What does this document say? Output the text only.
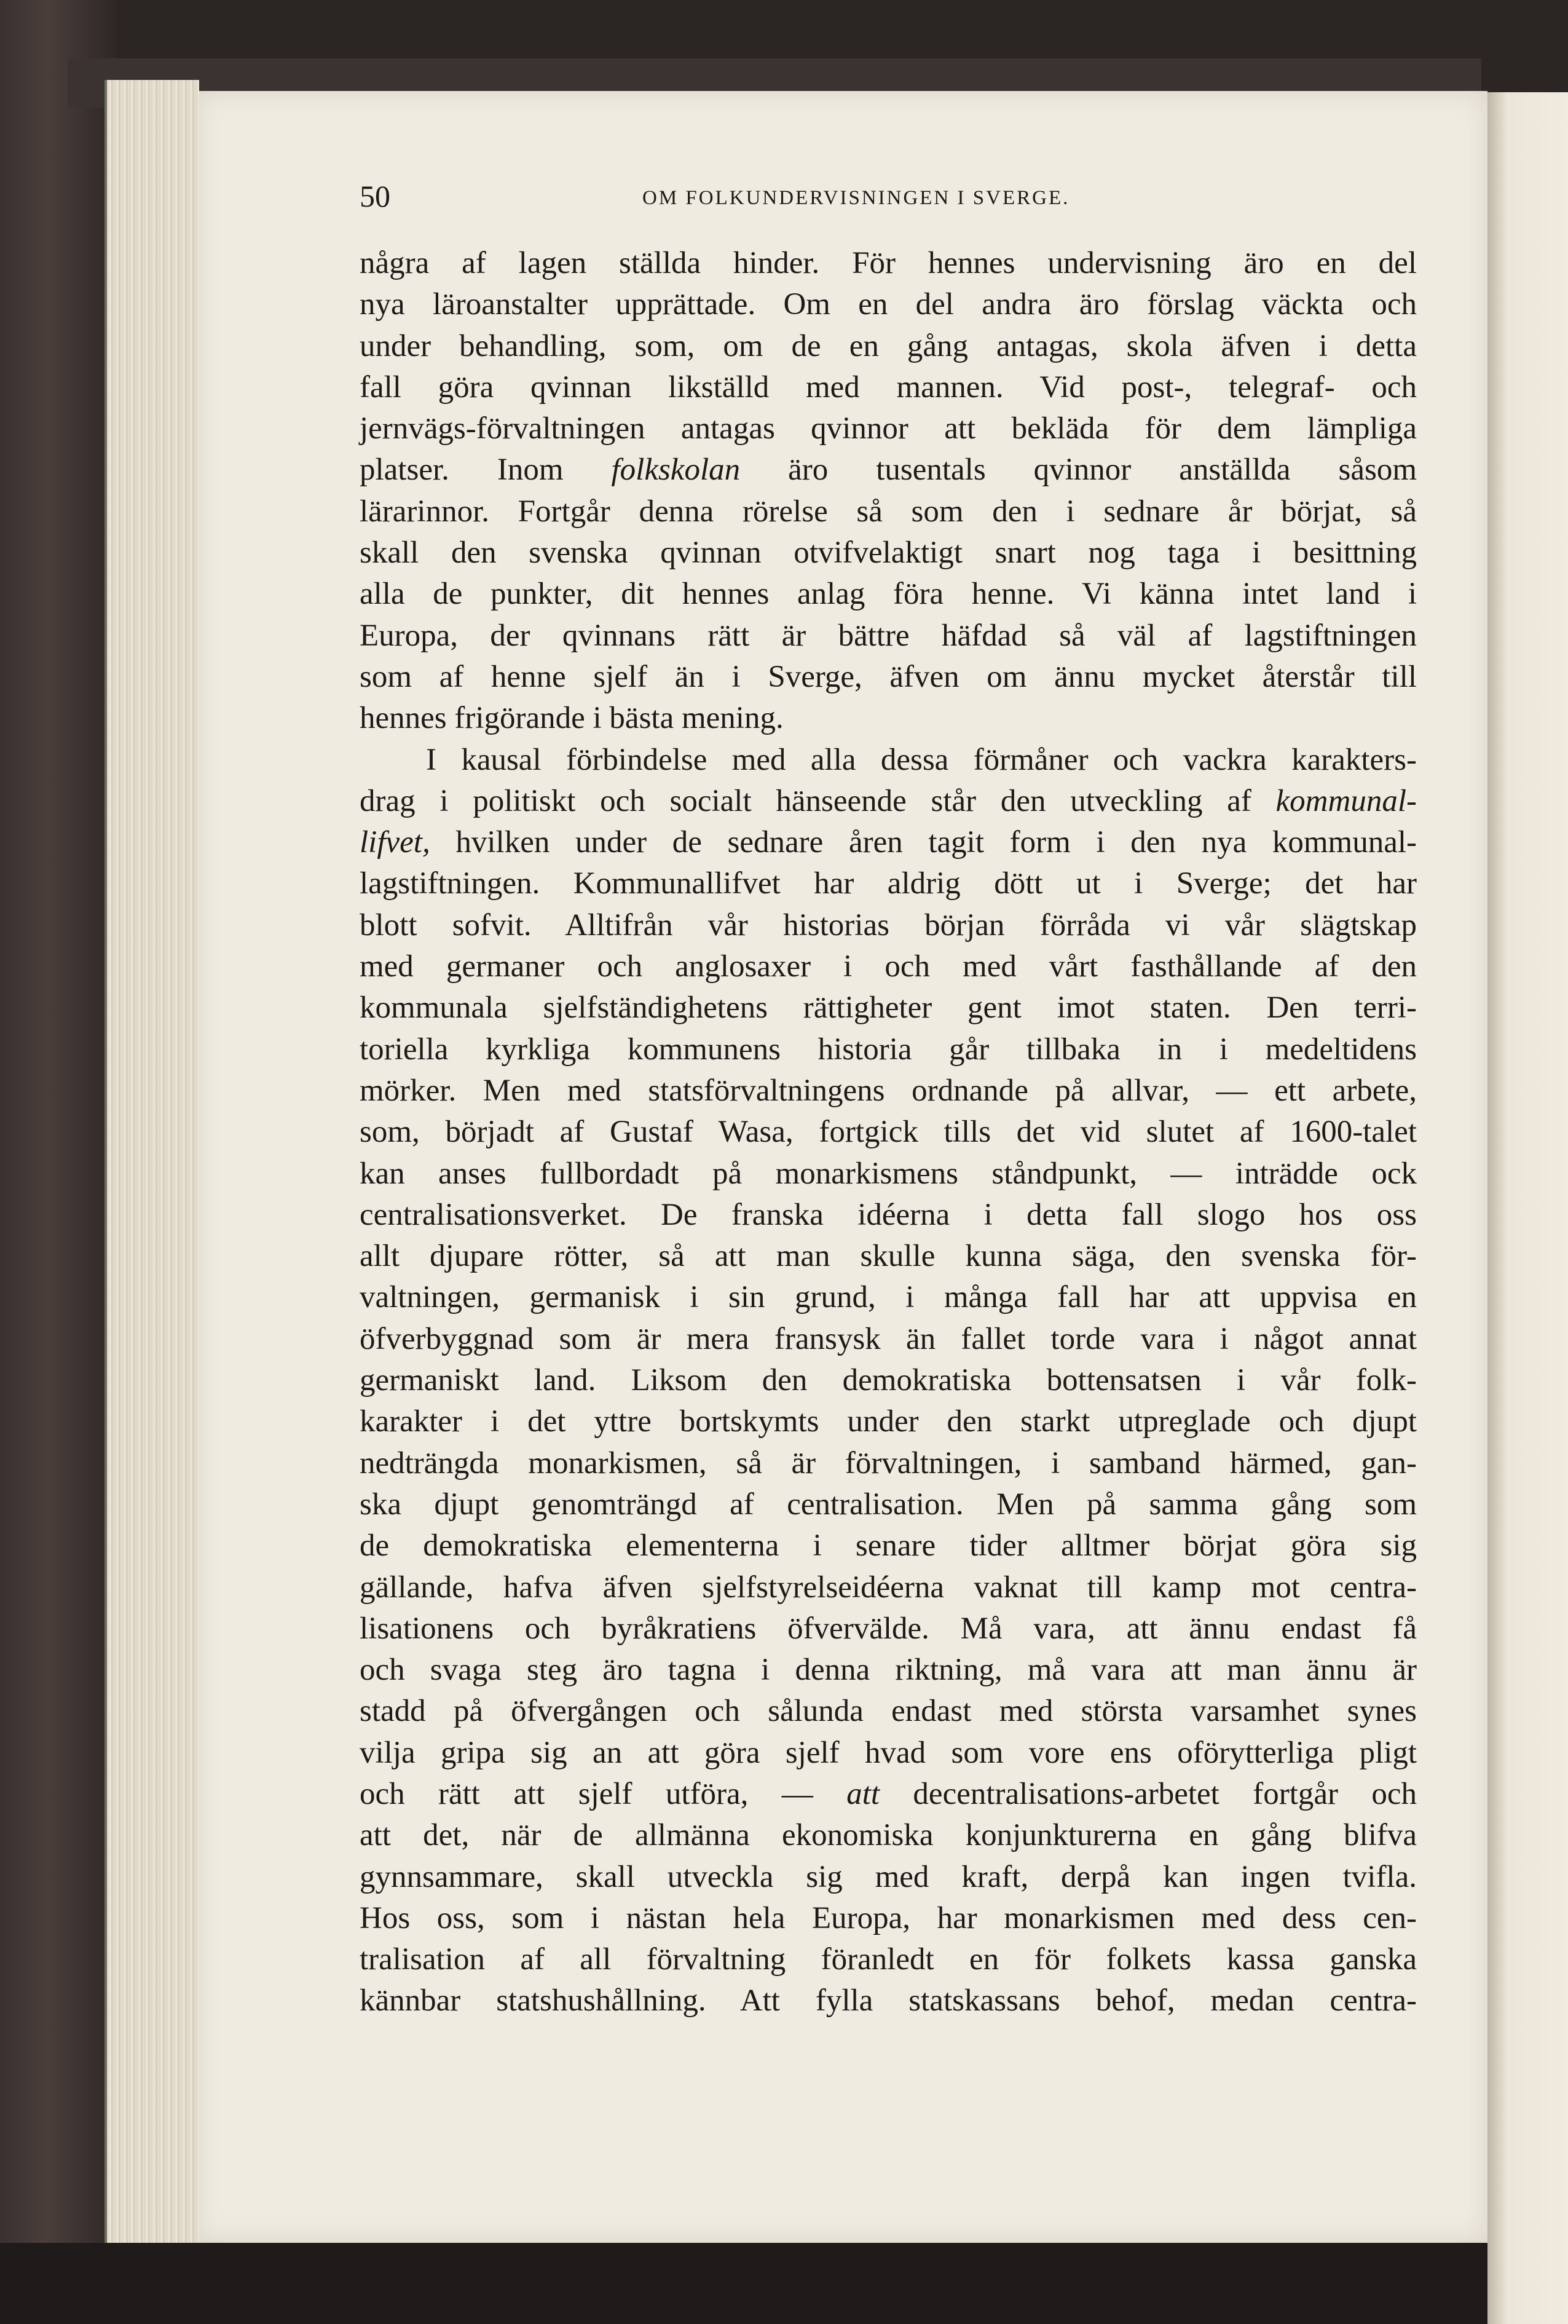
50	OM FOLKUNDERVISNINGEN I SVERGE.
några af lagen ställda hinder. För hennes undervisning äro en del
nya läroanstalter upprättade. Om en del andra äro förslag väckta och
under behandling, som, om de en gång antagas, skola äfven i detta
fall göra qvinnan likställd med mannen. Vid post-, telegraf- och
jernvägs-förvaltningen antagas qvinnor att bekläda för dem lämpliga
platser. Inom folkskolan äro tusentals qvinnor anställda såsom
lärarinnor. Fortgår denna rörelse så som den i sednare år börjat, så
skall den svenska qvinnan otvifvelaktigt snart nog taga i besittning
alla de punkter, dit hennes anlag föra henne. Vi känna intet land i
Europa, der qvinnans rätt är bättre häfdad så väl af lagstiftningen
som af henne sjelf än i Sverge, äfven om ännu mycket återstår till
hennes frigörande i bästa mening.
I kausal förbindelse med alla dessa förmåner och vackra karakters-
drag i politiskt och socialt hänseende står den utveckling af kommunal-
lifvet, hvilken under de sednare åren tagit form i den nya kommunal-
lagstiftningen. Kommunallifvet har aldrig dött ut i Sverge; det har
blott sofvit. Alltifrån vår historias början förråda vi vår slägtskap
med germaner och anglosaxer i och med vårt fasthållande af den
kommunala sjelfständighetens rättigheter gent imot staten. Den terri-
toriella kyrkliga kommunens historia går tillbaka in i medeltidens
mörker. Men med statsförvaltningens ordnande på allvar, — ett arbete,
som, börjadt af Gustaf Wasa, fortgick tills det vid slutet af 1600-talet
kan anses fullbordadt på monarkismens ståndpunkt, — inträdde ock
centralisationsverket. De franska idéerna i detta fall slogo hos oss
allt djupare rötter, så att man skulle kunna säga, den svenska för-
valtningen, germanisk i sin grund, i många fall har att uppvisa en
öfverbyggnad som är mera fransysk än fallet torde vara i något annat
germaniskt land. Liksom den demokratiska bottensatsen i vår folk-
karakter i det yttre bortskymts under den starkt utpreglade och djupt
nedträngda monarkismen, så är förvaltningen, i samband härmed, gan-
ska djupt genomträngd af centralisation. Men på samma gång som
de demokratiska elementerna i senare tider alltmer börjat göra sig
gällande, hafva äfven sjelfstyrelseidéerna vaknat till kamp mot centra-
lisationens och byråkratiens öfvervälde. Må vara, att ännu endast få
och svaga steg äro tagna i denna riktning, må vara att man ännu är
stadd på öfvergången och sålunda endast med största varsamhet synes
vilja gripa sig an att göra sjelf hvad som vore ens oförytterliga pligt
och rätt att sjelf utföra, — att decentralisations-arbetet fortgår och
att det, när de allmänna ekonomiska konjunkturerna en gång blifva
gynnsammare, skall utveckla sig med kraft, derpå kan ingen tvifla.
Hos oss, som i nästan hela Europa, har monarkismen med dess cen-
tralisation af all förvaltning föranledt en för folkets kassa ganska
kännbar statshushållning. Att fylla statskassans behof, medan centra-
